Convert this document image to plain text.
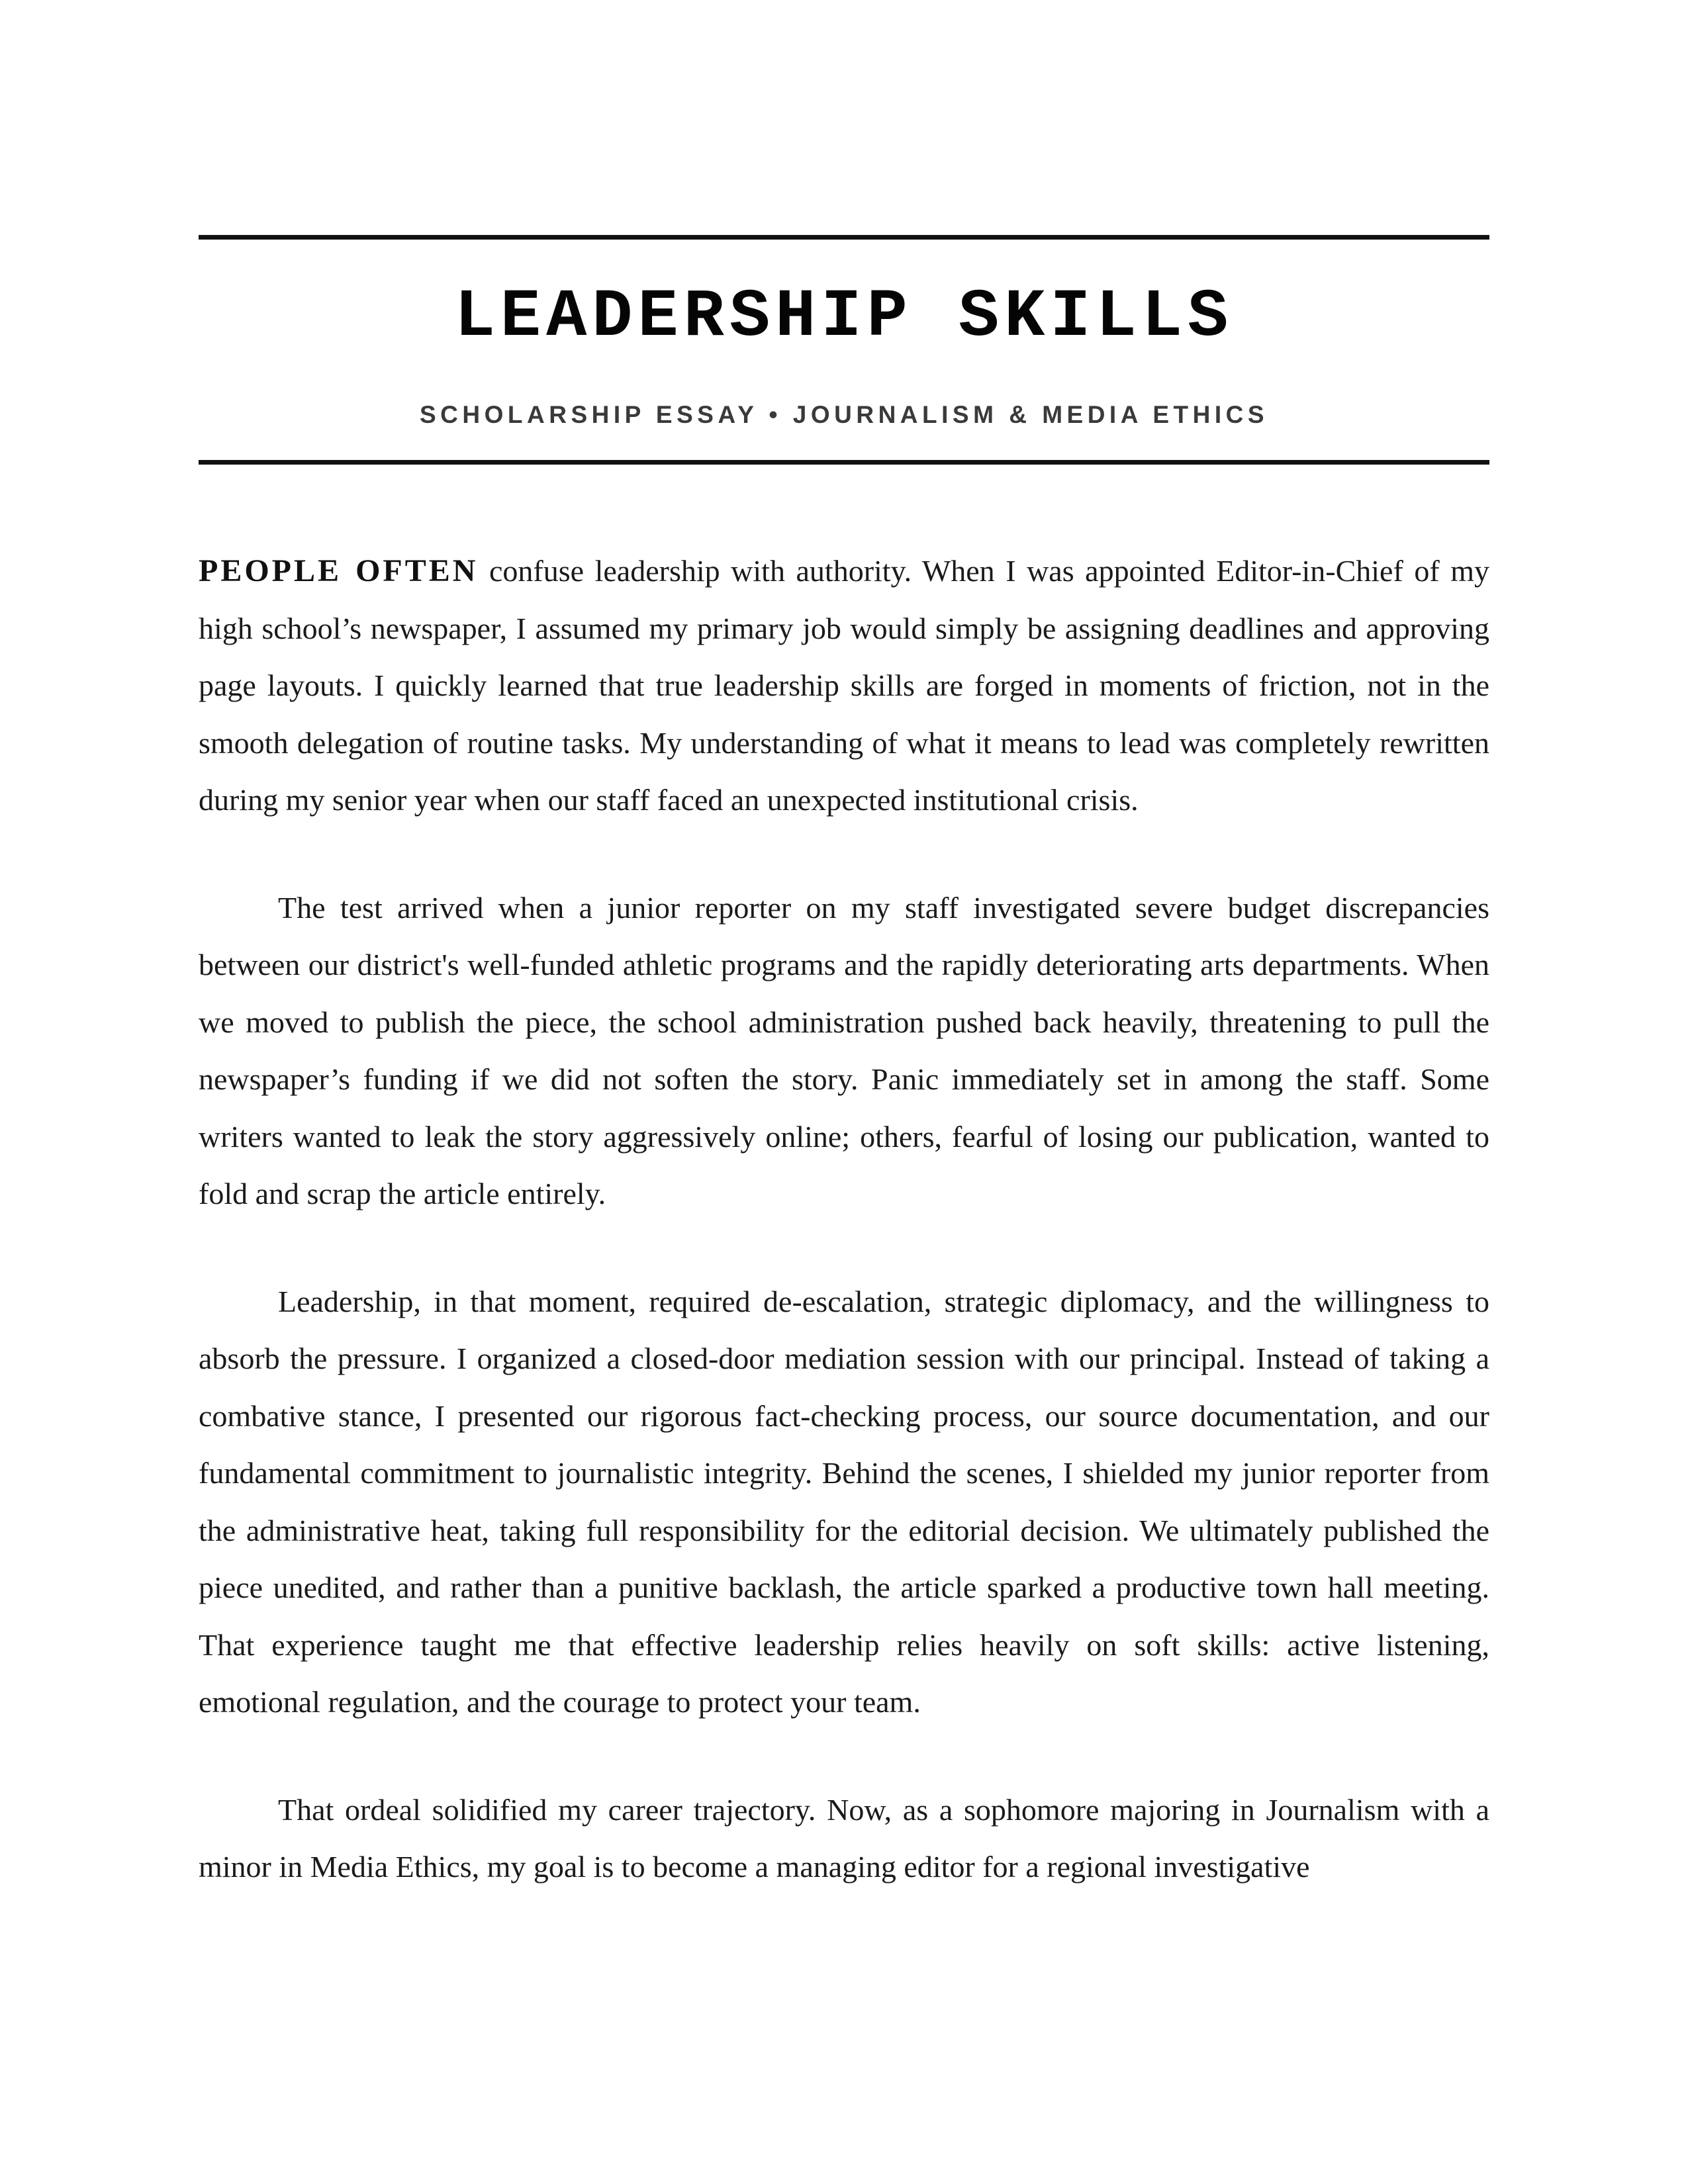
LEADERSHIP SKILLS
SCHOLARSHIP ESSAY • JOURNALISM & MEDIA ETHICS

PEOPLE OFTEN confuse leadership with authority. When I was appointed Editor-in-Chief of my high school’s newspaper, I assumed my primary job would simply be assigning deadlines and approving page layouts. I quickly learned that true leadership skills are forged in moments of friction, not in the smooth delegation of routine tasks. My understanding of what it means to lead was completely rewritten during my senior year when our staff faced an unexpected institutional crisis.

The test arrived when a junior reporter on my staff investigated severe budget discrepancies between our district's well-funded athletic programs and the rapidly deteriorating arts departments. When we moved to publish the piece, the school administration pushed back heavily, threatening to pull the newspaper’s funding if we did not soften the story. Panic immediately set in among the staff. Some writers wanted to leak the story aggressively online; others, fearful of losing our publication, wanted to fold and scrap the article entirely.

Leadership, in that moment, required de-escalation, strategic diplomacy, and the willingness to absorb the pressure. I organized a closed-door mediation session with our principal. Instead of taking a combative stance, I presented our rigorous fact-checking process, our source documentation, and our fundamental commitment to journalistic integrity. Behind the scenes, I shielded my junior reporter from the administrative heat, taking full responsibility for the editorial decision. We ultimately published the piece unedited, and rather than a punitive backlash, the article sparked a productive town hall meeting. That experience taught me that effective leadership relies heavily on soft skills: active listening, emotional regulation, and the courage to protect your team.

That ordeal solidified my career trajectory. Now, as a sophomore majoring in Journalism with a minor in Media Ethics, my goal is to become a managing editor for a regional investigative
